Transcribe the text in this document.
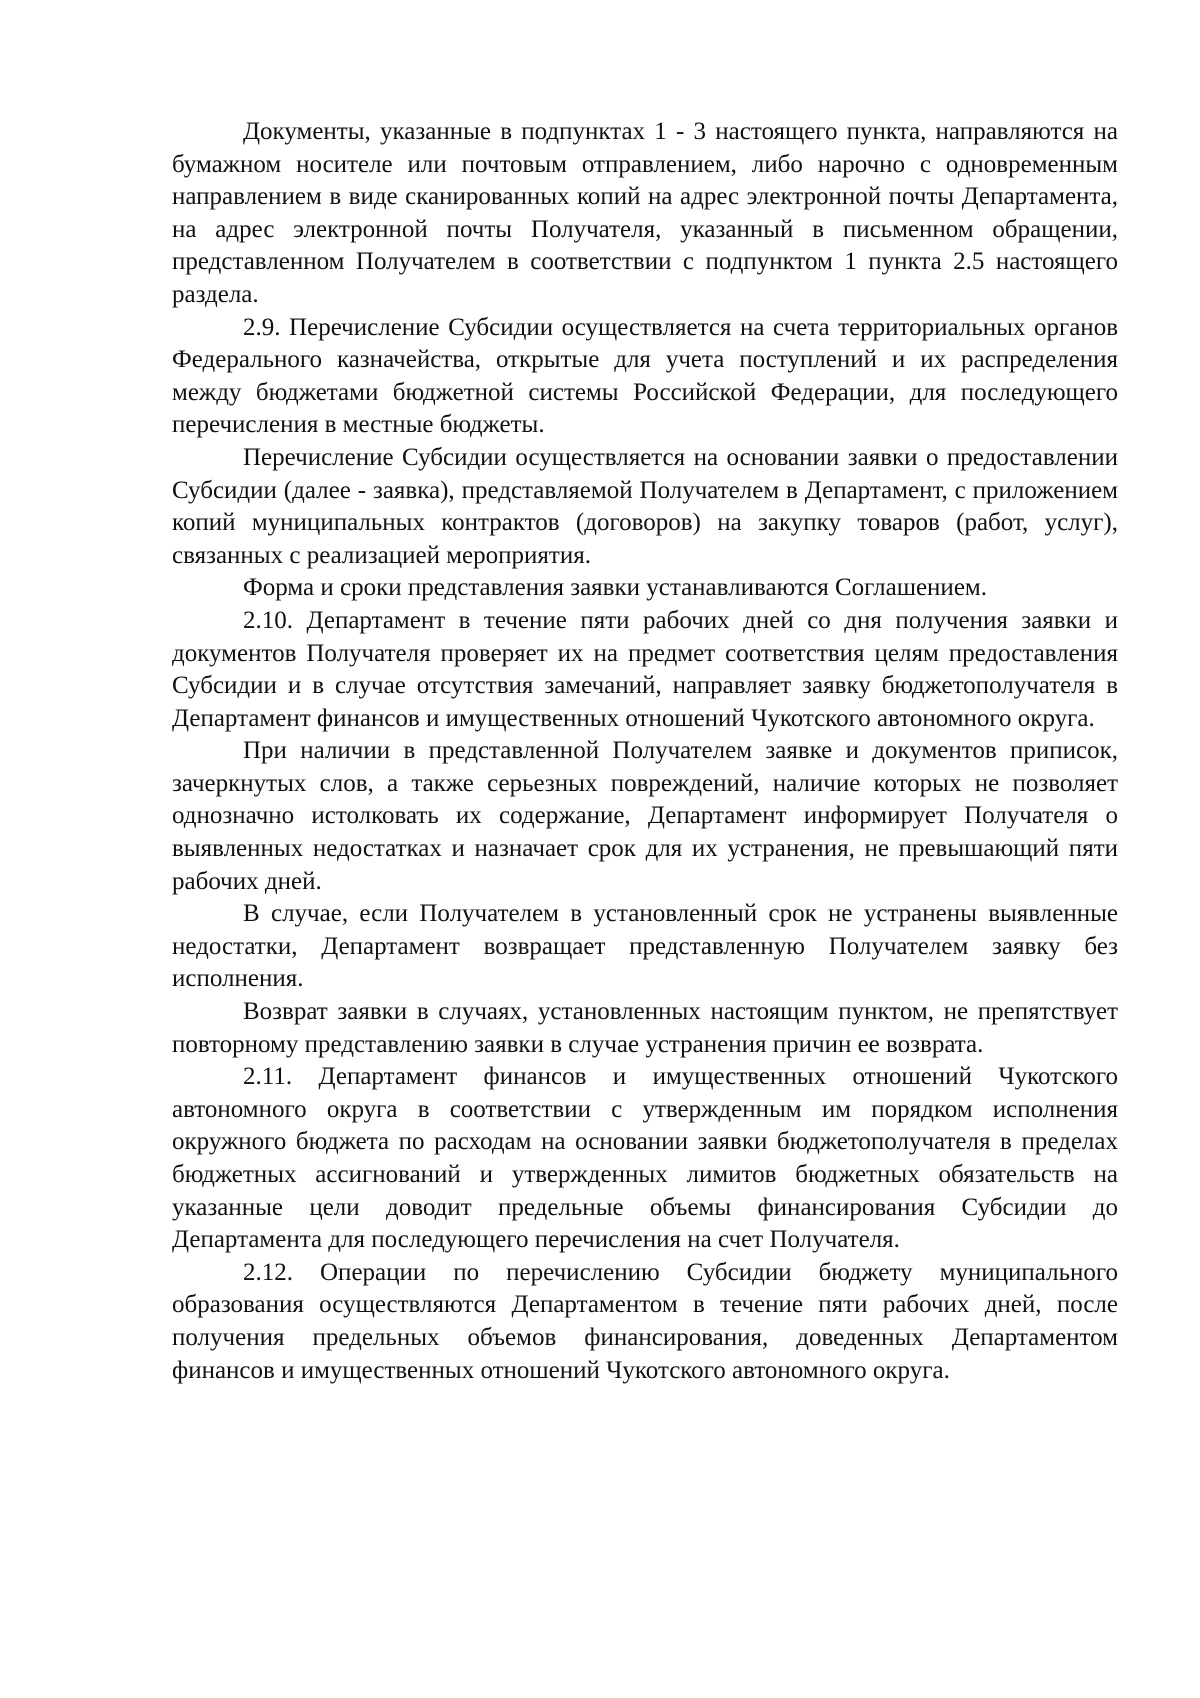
Документы, указанные в подпунктах 1 - 3 настоящего пункта, направляются на бумажном носителе или почтовым отправлением, либо нарочно с одновременным направлением в виде сканированных копий на адрес электронной почты Департамента, на адрес электронной почты Получателя, указанный в письменном обращении, представленном Получателем в соответствии с подпунктом 1 пункта 2.5 настоящего раздела.

2.9. Перечисление Субсидии осуществляется на счета территориальных органов Федерального казначейства, открытые для учета поступлений и их распределения между бюджетами бюджетной системы Российской Федерации, для последующего перечисления в местные бюджеты.

Перечисление Субсидии осуществляется на основании заявки о предоставлении Субсидии (далее - заявка), представляемой Получателем в Департамент, с приложением копий муниципальных контрактов (договоров) на закупку товаров (работ, услуг), связанных с реализацией мероприятия.

Форма и сроки представления заявки устанавливаются Соглашением.

2.10. Департамент в течение пяти рабочих дней со дня получения заявки и документов Получателя проверяет их на предмет соответствия целям предоставления Субсидии и в случае отсутствия замечаний, направляет заявку бюджетополучателя в Департамент финансов и имущественных отношений Чукотского автономного округа.

При наличии в представленной Получателем заявке и документов приписок, зачеркнутых слов, а также серьезных повреждений, наличие которых не позволяет однозначно истолковать их содержание, Департамент информирует Получателя о выявленных недостатках и назначает срок для их устранения, не превышающий пяти рабочих дней.

В случае, если Получателем в установленный срок не устранены выявленные недостатки, Департамент возвращает представленную Получателем заявку без исполнения.

Возврат заявки в случаях, установленных настоящим пунктом, не препятствует повторному представлению заявки в случае устранения причин ее возврата.

2.11. Департамент финансов и имущественных отношений Чукотского автономного округа в соответствии с утвержденным им порядком исполнения окружного бюджета по расходам на основании заявки бюджетополучателя в пределах бюджетных ассигнований и утвержденных лимитов бюджетных обязательств на указанные цели доводит предельные объемы финансирования Субсидии до Департамента для последующего перечисления на счет Получателя.

2.12. Операции по перечислению Субсидии бюджету муниципального образования осуществляются Департаментом в течение пяти рабочих дней, после получения предельных объемов финансирования, доведенных Департаментом финансов и имущественных отношений Чукотского автономного округа.
